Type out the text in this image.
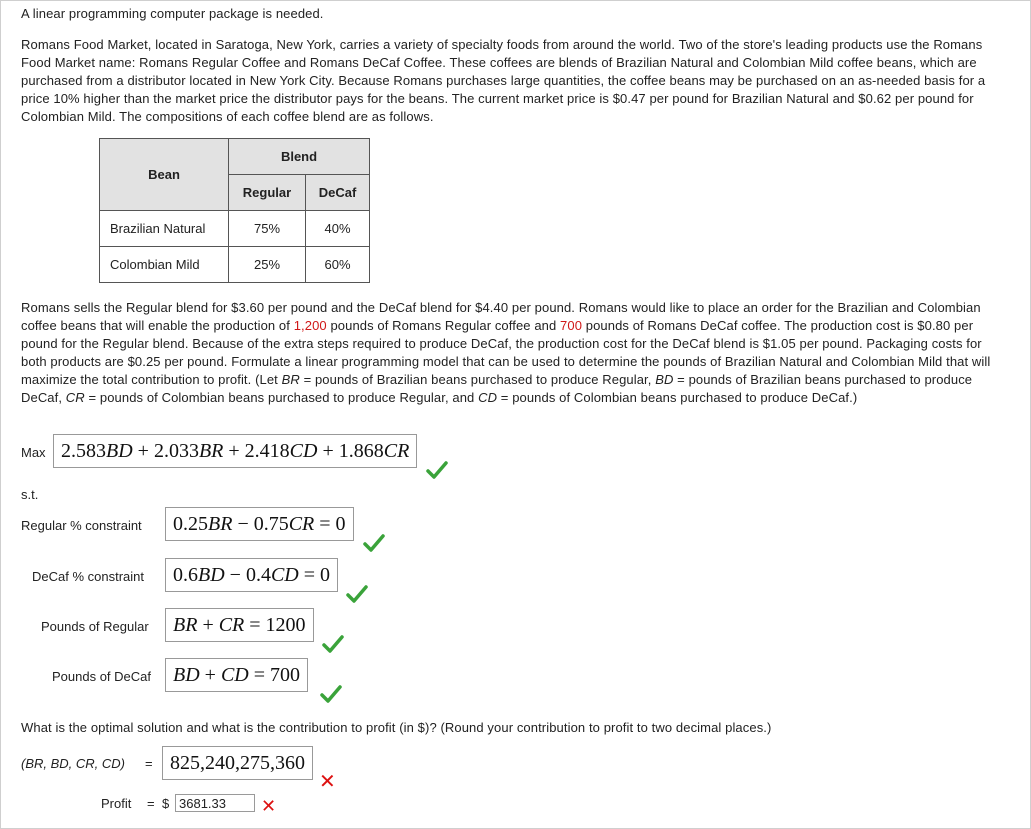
A linear programming computer package is needed.

Romans Food Market, located in Saratoga, New York, carries a variety of specialty foods from around the world. Two of the store's leading products use the Romans Food Market name: Romans Regular Coffee and Romans DeCaf Coffee. These coffees are blends of Brazilian Natural and Colombian Mild coffee beans, which are purchased from a distributor located in New York City. Because Romans purchases large quantities, the coffee beans may be purchased on an as-needed basis for a price 10% higher than the market price the distributor pays for the beans. The current market price is $0.47 per pound for Brazilian Natural and $0.62 per pound for Colombian Mild. The compositions of each coffee blend are as follows.

Bean	Blend	
	Regular	DeCaf
Brazilian Natural	75%	40%
Colombian Mild	25%	60%

Romans sells the Regular blend for $3.60 per pound and the DeCaf blend for $4.40 per pound. Romans would like to place an order for the Brazilian and Colombian coffee beans that will enable the production of 1,200 pounds of Romans Regular coffee and 700 pounds of Romans DeCaf coffee. The production cost is $0.80 per pound for the Regular blend. Because of the extra steps required to produce DeCaf, the production cost for the DeCaf blend is $1.05 per pound. Packaging costs for both products are $0.25 per pound. Formulate a linear programming model that can be used to determine the pounds of Brazilian Natural and Colombian Mild that will maximize the total contribution to profit. (Let BR = pounds of Brazilian beans purchased to produce Regular, BD = pounds of Brazilian beans purchased to produce DeCaf, CR = pounds of Colombian beans purchased to produce Regular, and CD = pounds of Colombian beans purchased to produce DeCaf.)

Max 2.583BD + 2.033BR + 2.418CD + 1.868CR
s.t.
Regular % constraint	0.25BR − 0.75CR = 0
DeCaf % constraint	0.6BD − 0.4CD = 0
Pounds of Regular	BR + CR = 1200
Pounds of DeCaf	BD + CD = 700

What is the optimal solution and what is the contribution to profit (in $)? (Round your contribution to profit to two decimal places.)

(BR, BD, CR, CD) = 825,240,275,360
✕
Profit = $ 3681.33	✕
